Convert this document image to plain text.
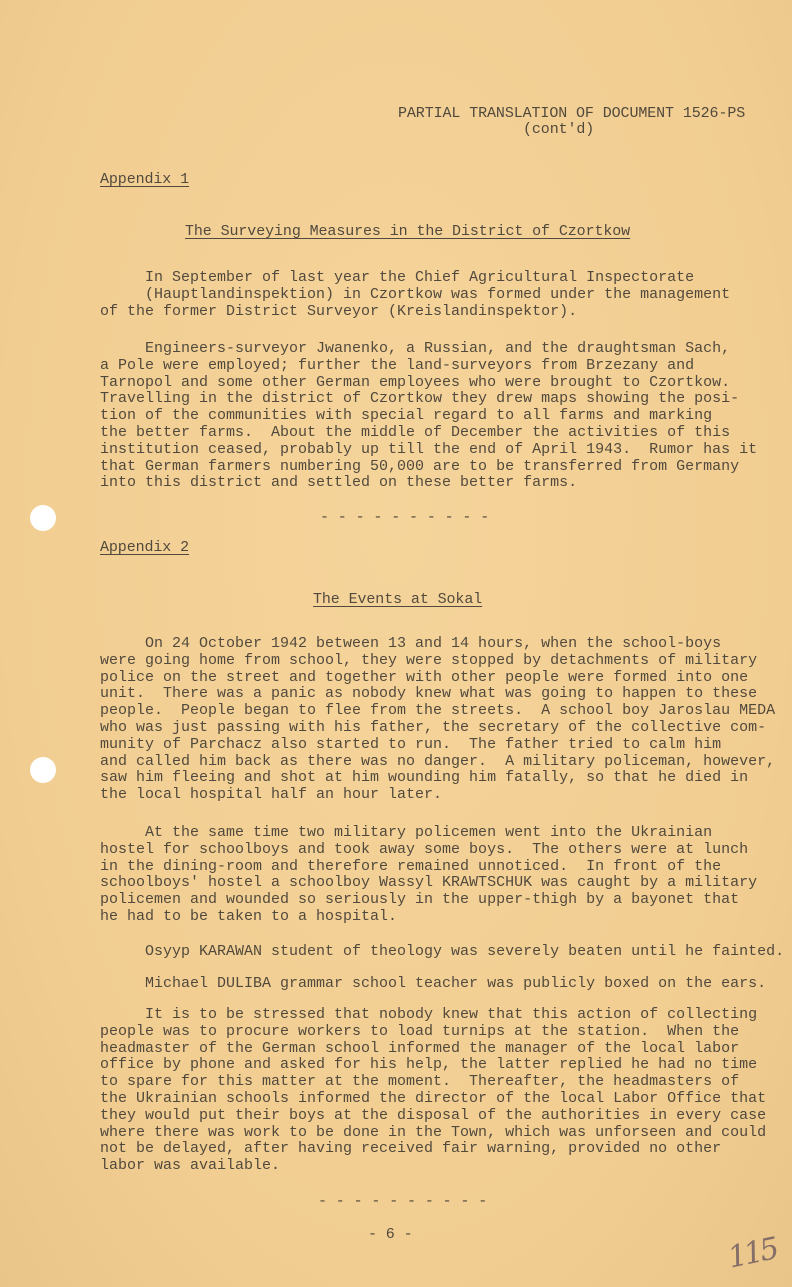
PARTIAL TRANSLATION OF DOCUMENT 1526-PS
(cont'd)
Appendix 1
The Surveying Measures in the District of Czortkow
In September of last year the Chief Agricultural Inspectorate
(Hauptlandinspektion) in Czortkow was formed under the management
of the former District Surveyor (Kreislandinspektor).
Engineers-surveyor Jwanenko, a Russian, and the draughtsman Sach,
a Pole were employed; further the land-surveyors from Brzezany and
Tarnopol and some other German employees who were brought to Czortkow.
Travelling in the district of Czortkow they drew maps showing the posi-
tion of the communities with special regard to all farms and marking
the better farms.  About the middle of December the activities of this
institution ceased, probably up till the end of April 1943.  Rumor has it
that German farmers numbering 50,000 are to be transferred from Germany
into this district and settled on these better farms.
- - - - - - - - - -
Appendix 2
The Events at Sokal
On 24 October 1942 between 13 and 14 hours, when the school-boys
were going home from school, they were stopped by detachments of military
police on the street and together with other people were formed into one
unit.  There was a panic as nobody knew what was going to happen to these
people.  People began to flee from the streets.  A school boy Jaroslau MEDA
who was just passing with his father, the secretary of the collective com-
munity of Parchacz also started to run.  The father tried to calm him
and called him back as there was no danger.  A military policeman, however,
saw him fleeing and shot at him wounding him fatally, so that he died in
the local hospital half an hour later.
At the same time two military policemen went into the Ukrainian
hostel for schoolboys and took away some boys.  The others were at lunch
in the dining-room and therefore remained unnoticed.  In front of the
schoolboys' hostel a schoolboy Wassyl KRAWTSCHUK was caught by a military
policemen and wounded so seriously in the upper-thigh by a bayonet that
he had to be taken to a hospital.
Osyyp KARAWAN student of theology was severely beaten until he fainted.
Michael DULIBA grammar school teacher was publicly boxed on the ears.
It is to be stressed that nobody knew that this action of collecting
people was to procure workers to load turnips at the station.  When the
headmaster of the German school informed the manager of the local labor
office by phone and asked for his help, the latter replied he had no time
to spare for this matter at the moment.  Thereafter, the headmasters of
the Ukrainian schools informed the director of the local Labor Office that
they would put their boys at the disposal of the authorities in every case
where there was work to be done in the Town, which was unforseen and could
not be delayed, after having received fair warning, provided no other
labor was available.
- - - - - - - - - -
- 6 -	115
